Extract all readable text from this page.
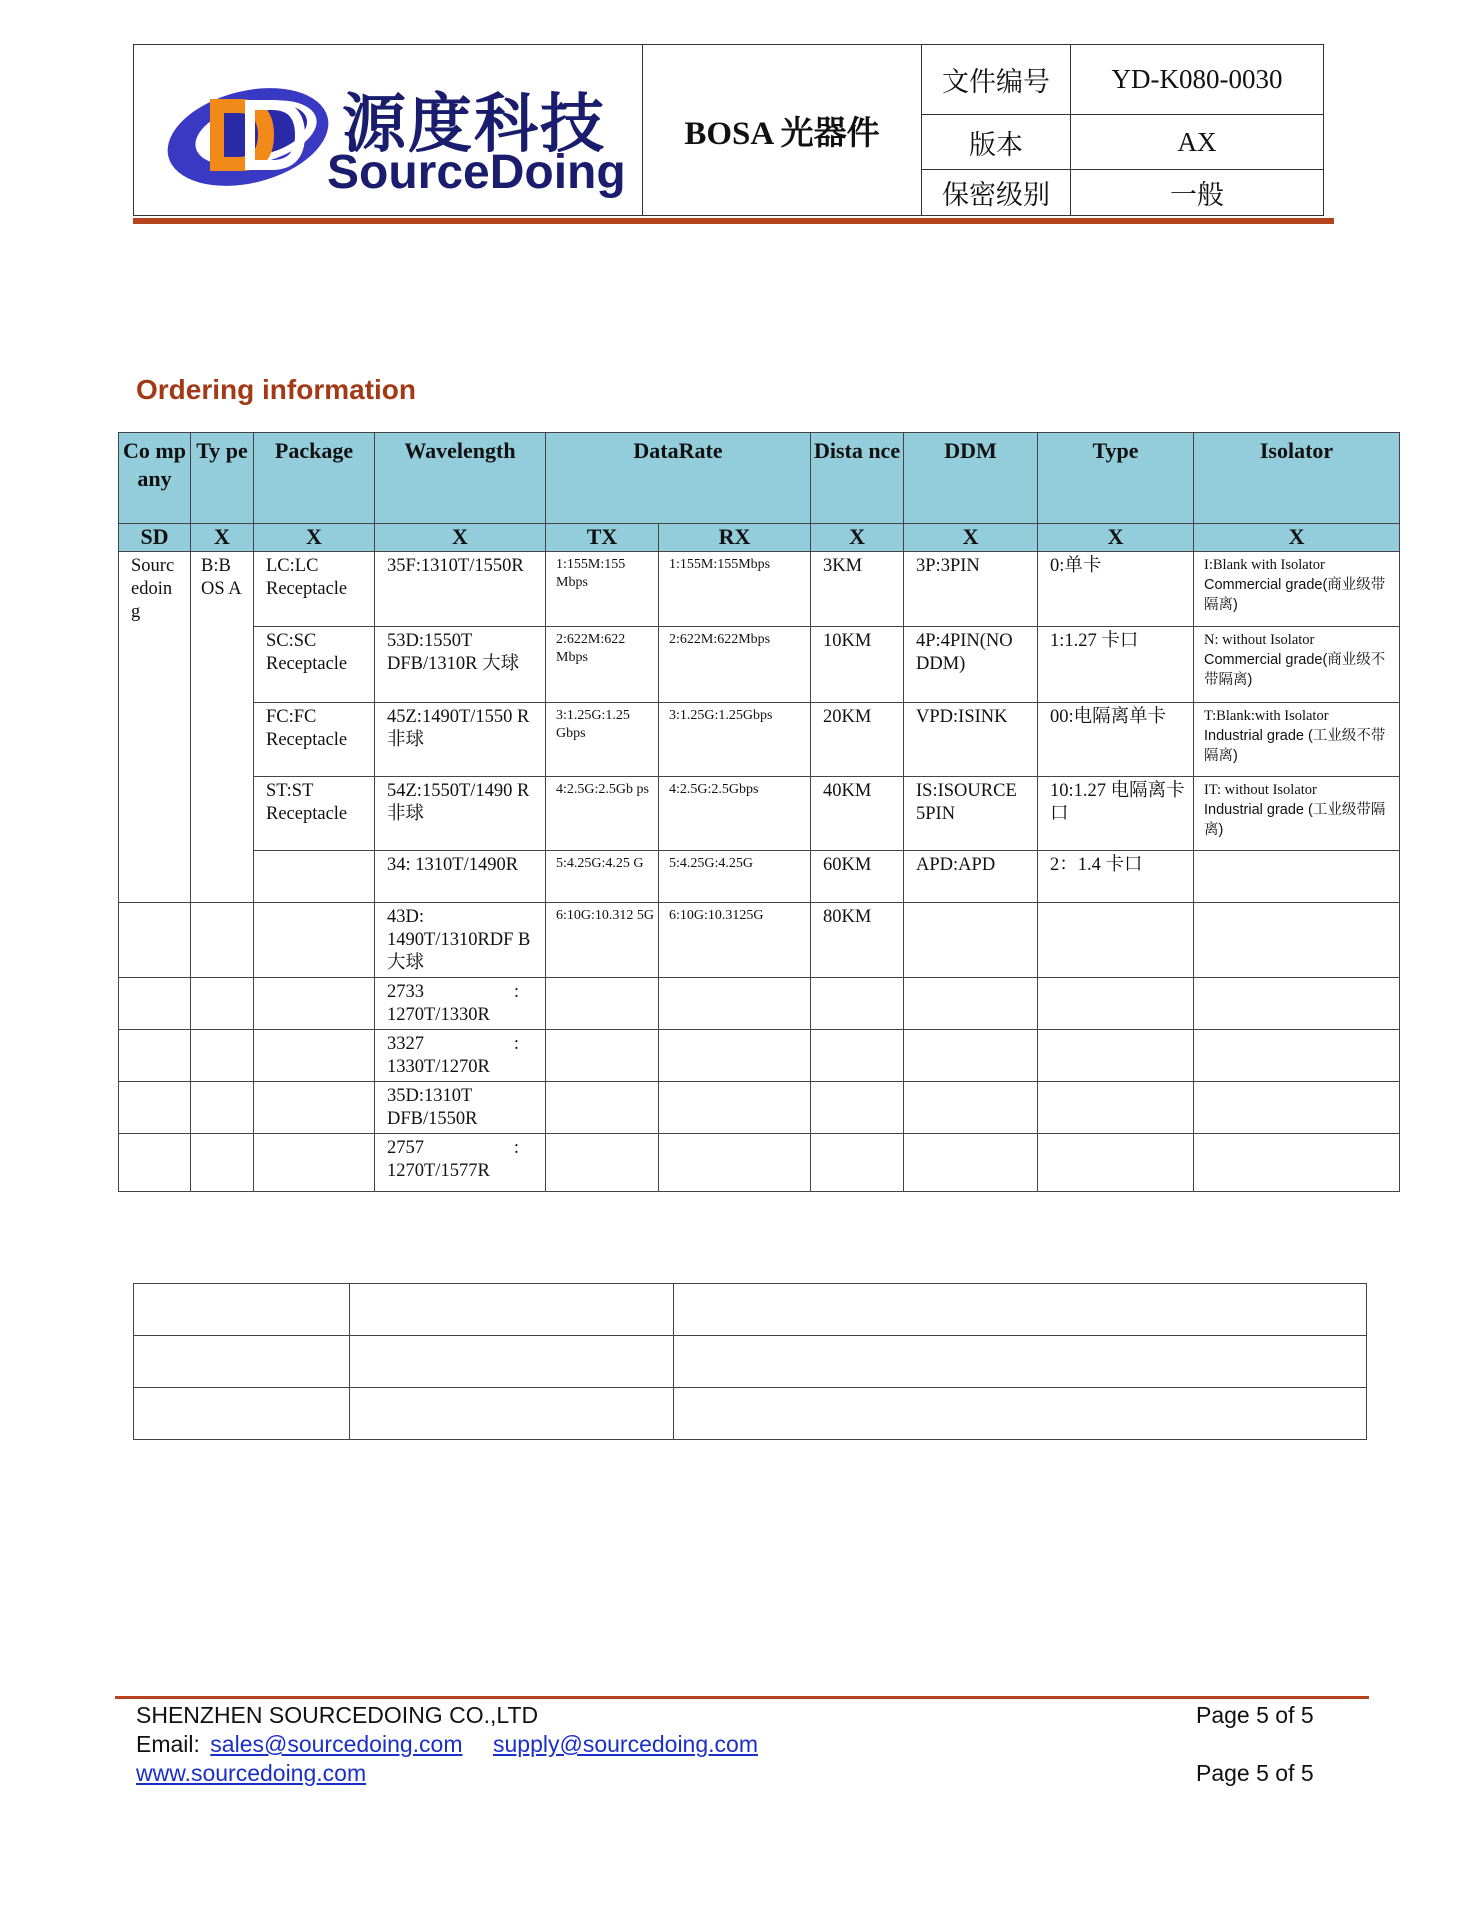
源度科技
SourceDoing	BOSA 光器件	文件编号	YD-K080-0030
		版本	AX
		保密级别	一般
Ordering information
Co mp any	Ty pe	Package	Wavelength	DataRate		Dista nce	DDM	Type	Isolator
SD	X	X	X	TX	RX	X	X	X	X
Sourc edoin g	B:B OS A	LC:LC Receptacle	35F:1310T/1550R	1:155M:155 Mbps	1:155M:155Mbps	3KM	3P:3PIN	0:单卡	I:Blank with Isolator
Commercial grade(商业级带隔离)

		SC:SC Receptacle	53D:1550T DFB/1310R 大球	2:622M:622 Mbps	2:622M:622Mbps	10KM	4P:4PIN(NO DDM)	1:1.27 卡口	N: without Isolator
Commercial grade(商业级不带隔离)

		FC:FC Receptacle	45Z:1490T/1550 R 非球	3:1.25G:1.25 Gbps	3:1.25G:1.25Gbps	20KM	VPD:ISINK	00:电隔离单卡	T:Blank:with Isolator
Industrial grade (工业级不带隔离)

		ST:ST Receptacle	54Z:1550T/1490 R 非球	4:2.5G:2.5Gb ps	4:2.5G:2.5Gbps	40KM	IS:ISOURCE 5PIN	10:1.27 电隔离卡口	IT: without Isolator
Industrial grade (工业级带隔离)

			34: 1310T/1490R	5:4.25G:4.25 G	5:4.25G:4.25G	60KM	APD:APD	2：1.4 卡口	
			43D: 1490T/1310RDF B 大球	6:10G:10.312 5G	6:10G:10.3125G	80KM			

			2733 :
1270T/1330R						

			3327 :
1330T/1270R						

			35D:1310T DFB/1550R						

			2757 :
1270T/1577R						

SHENZHEN SOURCEDOING CO.,LTD
Email: sales@sourcedoing.com supply@sourcedoing.com
www.sourcedoing.com
Page 5 of 5
Page 5 of 5
